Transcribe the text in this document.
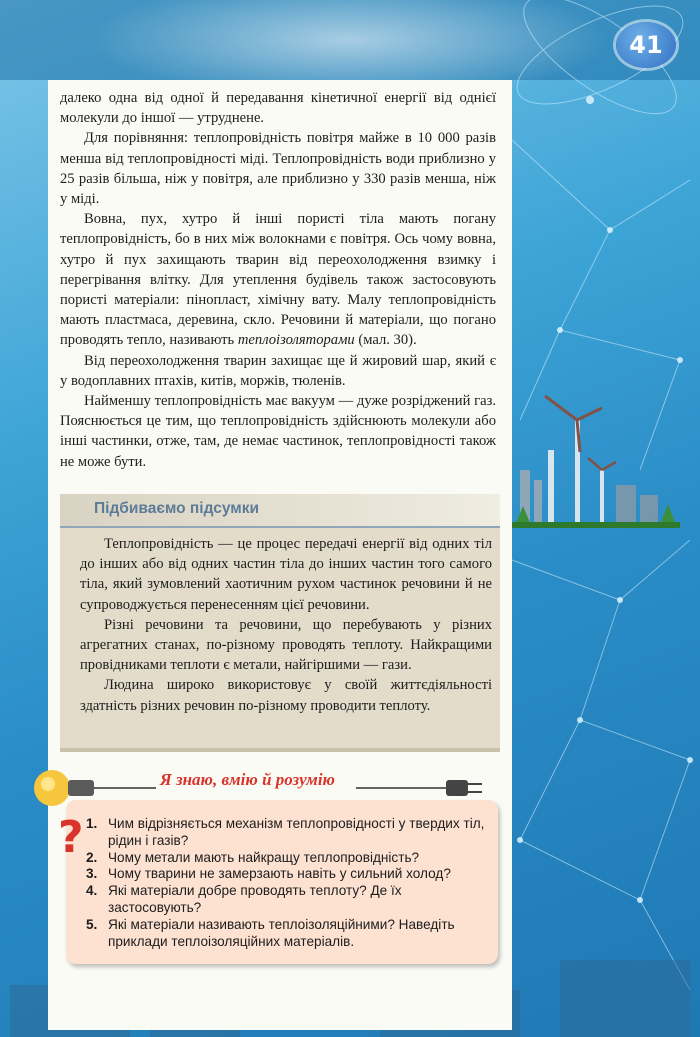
41

далеко одна від одної й передавання кінетичної енергії від однієї молекули до іншої — утруднене.

Для порівняння: теплопровідність повітря майже в 10 000 разів менша від теплопровідності міді. Теплопровідність води приблизно у 25 разів більша, ніж у повітря, але приблизно у 330 разів менша, ніж у міді.

Вовна, пух, хутро й інші пористі тіла мають погану теплопровідність, бо в них між волокнами є повітря. Ось чому вовна, хутро й пух захищають тварин від переохолодження взимку і перегрівання влітку. Для утеплення будівель також застосовують пористі матеріали: пінопласт, хімічну вату. Малу теплопровідність мають пластмаса, деревина, скло. Речовини й матеріали, що погано проводять тепло, називають теплоізоляторами (мал. 30).

Від переохолодження тварин захищає ще й жировий шар, який є у водоплавних птахів, китів, моржів, тюленів.

Найменшу теплопровідність має вакуум — дуже розріджений газ. Пояснюється це тим, що теплопровідність здійснюють молекули або інші частинки, отже, там, де немає частинок, теплопровідності також не може бути.

Підбиваємо підсумки

Теплопровідність — це процес передачі енергії від одних тіл до інших або від одних частин тіла до інших частин того самого тіла, який зумовлений хаотичним рухом частинок речовини й не супроводжується перенесенням цієї речовини.

Різні речовини та речовини, що перебувають у різних агрегатних станах, по-різному проводять теплоту. Найкращими провідниками теплоти є метали, найгіршими — гази.

Людина широко використовує у своїй життєдіяльності здатність різних речовин по-різному проводити теплоту.

Я знаю, вмію й розумію
? 1. Чим відрізняється механізм теплопровідності у твердих тіл, рідин і газів?
2. Чому метали мають найкращу теплопровідність?
3. Чому тварини не замерзають навіть у сильний холод?
4. Які матеріали добре проводять теплоту? Де їх застосовують?
5. Які матеріали називають теплоізоляційними? Наведіть приклади теплоізоляційних матеріалів.
